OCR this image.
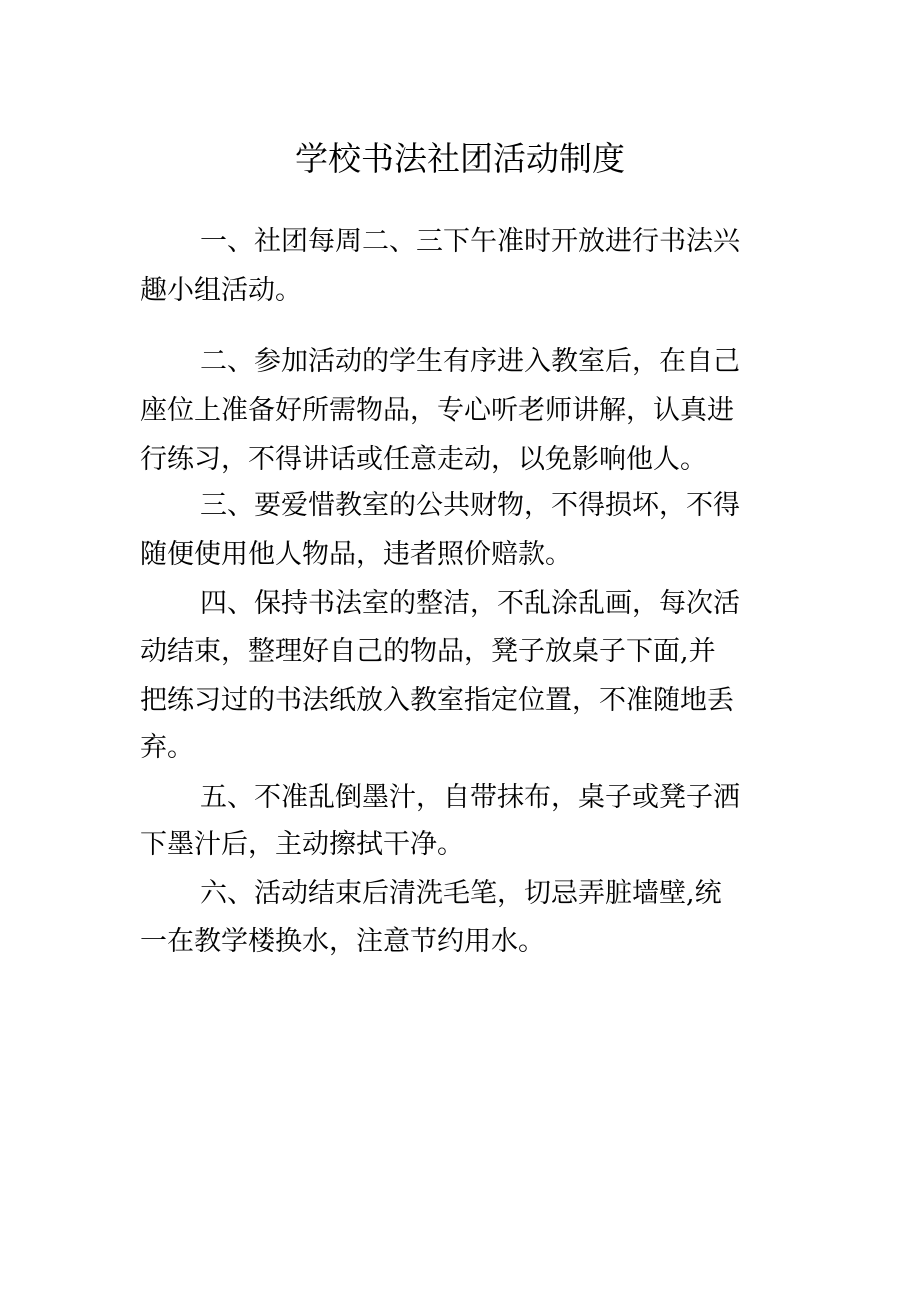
学校书法社团活动制度
一、社团每周二、三下午准时开放进行书法兴
趣小组活动。
二、参加活动的学生有序进入教室后，在自己
座位上准备好所需物品，专心听老师讲解，认真进
行练习，不得讲话或任意走动，以免影响他人。
三、要爱惜教室的公共财物，不得损坏，不得
随便使用他人物品，违者照价赔款。
四、保持书法室的整洁，不乱涂乱画，每次活
动结束，整理好自己的物品，凳子放桌子下面,并
把练习过的书法纸放入教室指定位置，不准随地丢
弃。
五、不准乱倒墨汁，自带抹布，桌子或凳子洒
下墨汁后，主动擦拭干净。
六、活动结束后清洗毛笔，切忌弄脏墙壁,统
一在教学楼换水，注意节约用水。
